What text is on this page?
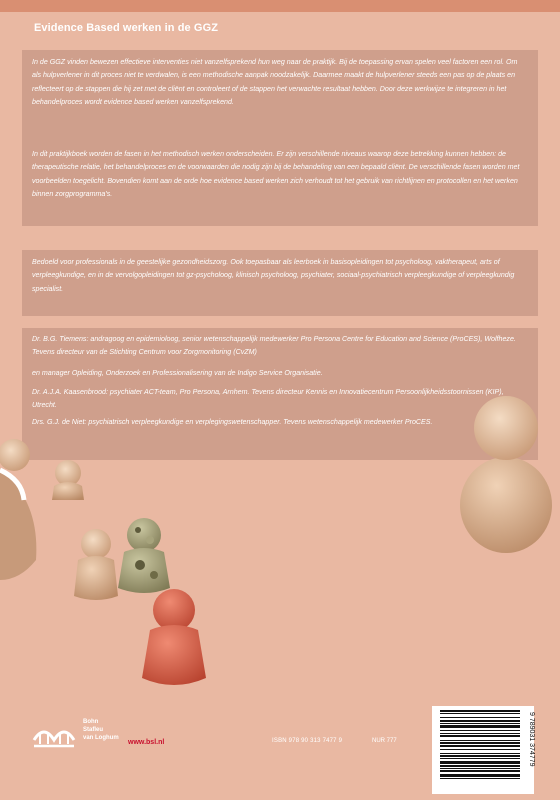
Evidence Based werken in de GGZ

In de GGZ vinden bewezen effectieve interventies niet vanzelfsprekend hun weg naar de praktijk. Bij de toepassing ervan spelen veel factoren een rol. Om als hulpverlener in dit proces niet te verdwalen, is een methodische aanpak noodzakelijk. Daarmee maakt de hulpverlener steeds een pas op de plaats en reflecteert op de stappen die hij zet met de cliënt en controleert of de stappen het verwachte resultaat hebben. Door deze werkwijze te integreren in het behandelproces wordt evidence based werken vanzelfsprekend.

In dit praktijkboek worden de fasen in het methodisch werken onderscheiden. Er zijn verschillende niveaus waarop deze betrekking kunnen hebben: de therapeutische relatie, het behandelproces en de voorwaarden die nodig zijn bij de behandeling van een bepaald cliënt. De verschillende fasen worden met voorbeelden toegelicht. Bovendien komt aan de orde hoe evidence based werken zich verhoudt tot het gebruik van richtlijnen en protocollen en het werken binnen zorgprogramma's.

Bedoeld voor professionals in de geestelijke gezondheidszorg. Ook toepasbaar als leerboek in basisopleidingen tot psycholoog, vaktherapeut, arts of verpleegkundige, en in de vervolgopleidingen tot gz-psycholoog, klinisch psycholoog, psychiater, sociaal-psychiatrisch verpleegkundige of verpleegkundig specialist.

Dr. B.G. Tiemens: andragoog en epidemioloog, senior wetenschappelijk medewerker Pro Persona Centre for Education and Science (ProCES), Wolfheze. Tevens directeur van de Stichting Centrum voor Zorgmonitoring (CvZM)

en manager Opleiding, Onderzoek en Professionalisering van de Indigo Service Organisatie.

Dr. A.J.A. Kaasenbrood: psychiater ACT-team, Pro Persona, Arnhem. Tevens directeur Kennis en Innovatiecentrum Persoonlijkheidsstoornissen (KIP), Utrecht.

Drs. G.J. de Niet: psychiatrisch verpleegkundige en verplegingswetenschapper. Tevens wetenschappelijk medewerker ProCES.

Bohn
Stafleu
van Loghum

www.bsl.nl	ISBN 978 90 313 7477 9	NUR 777	9 789031 374779
